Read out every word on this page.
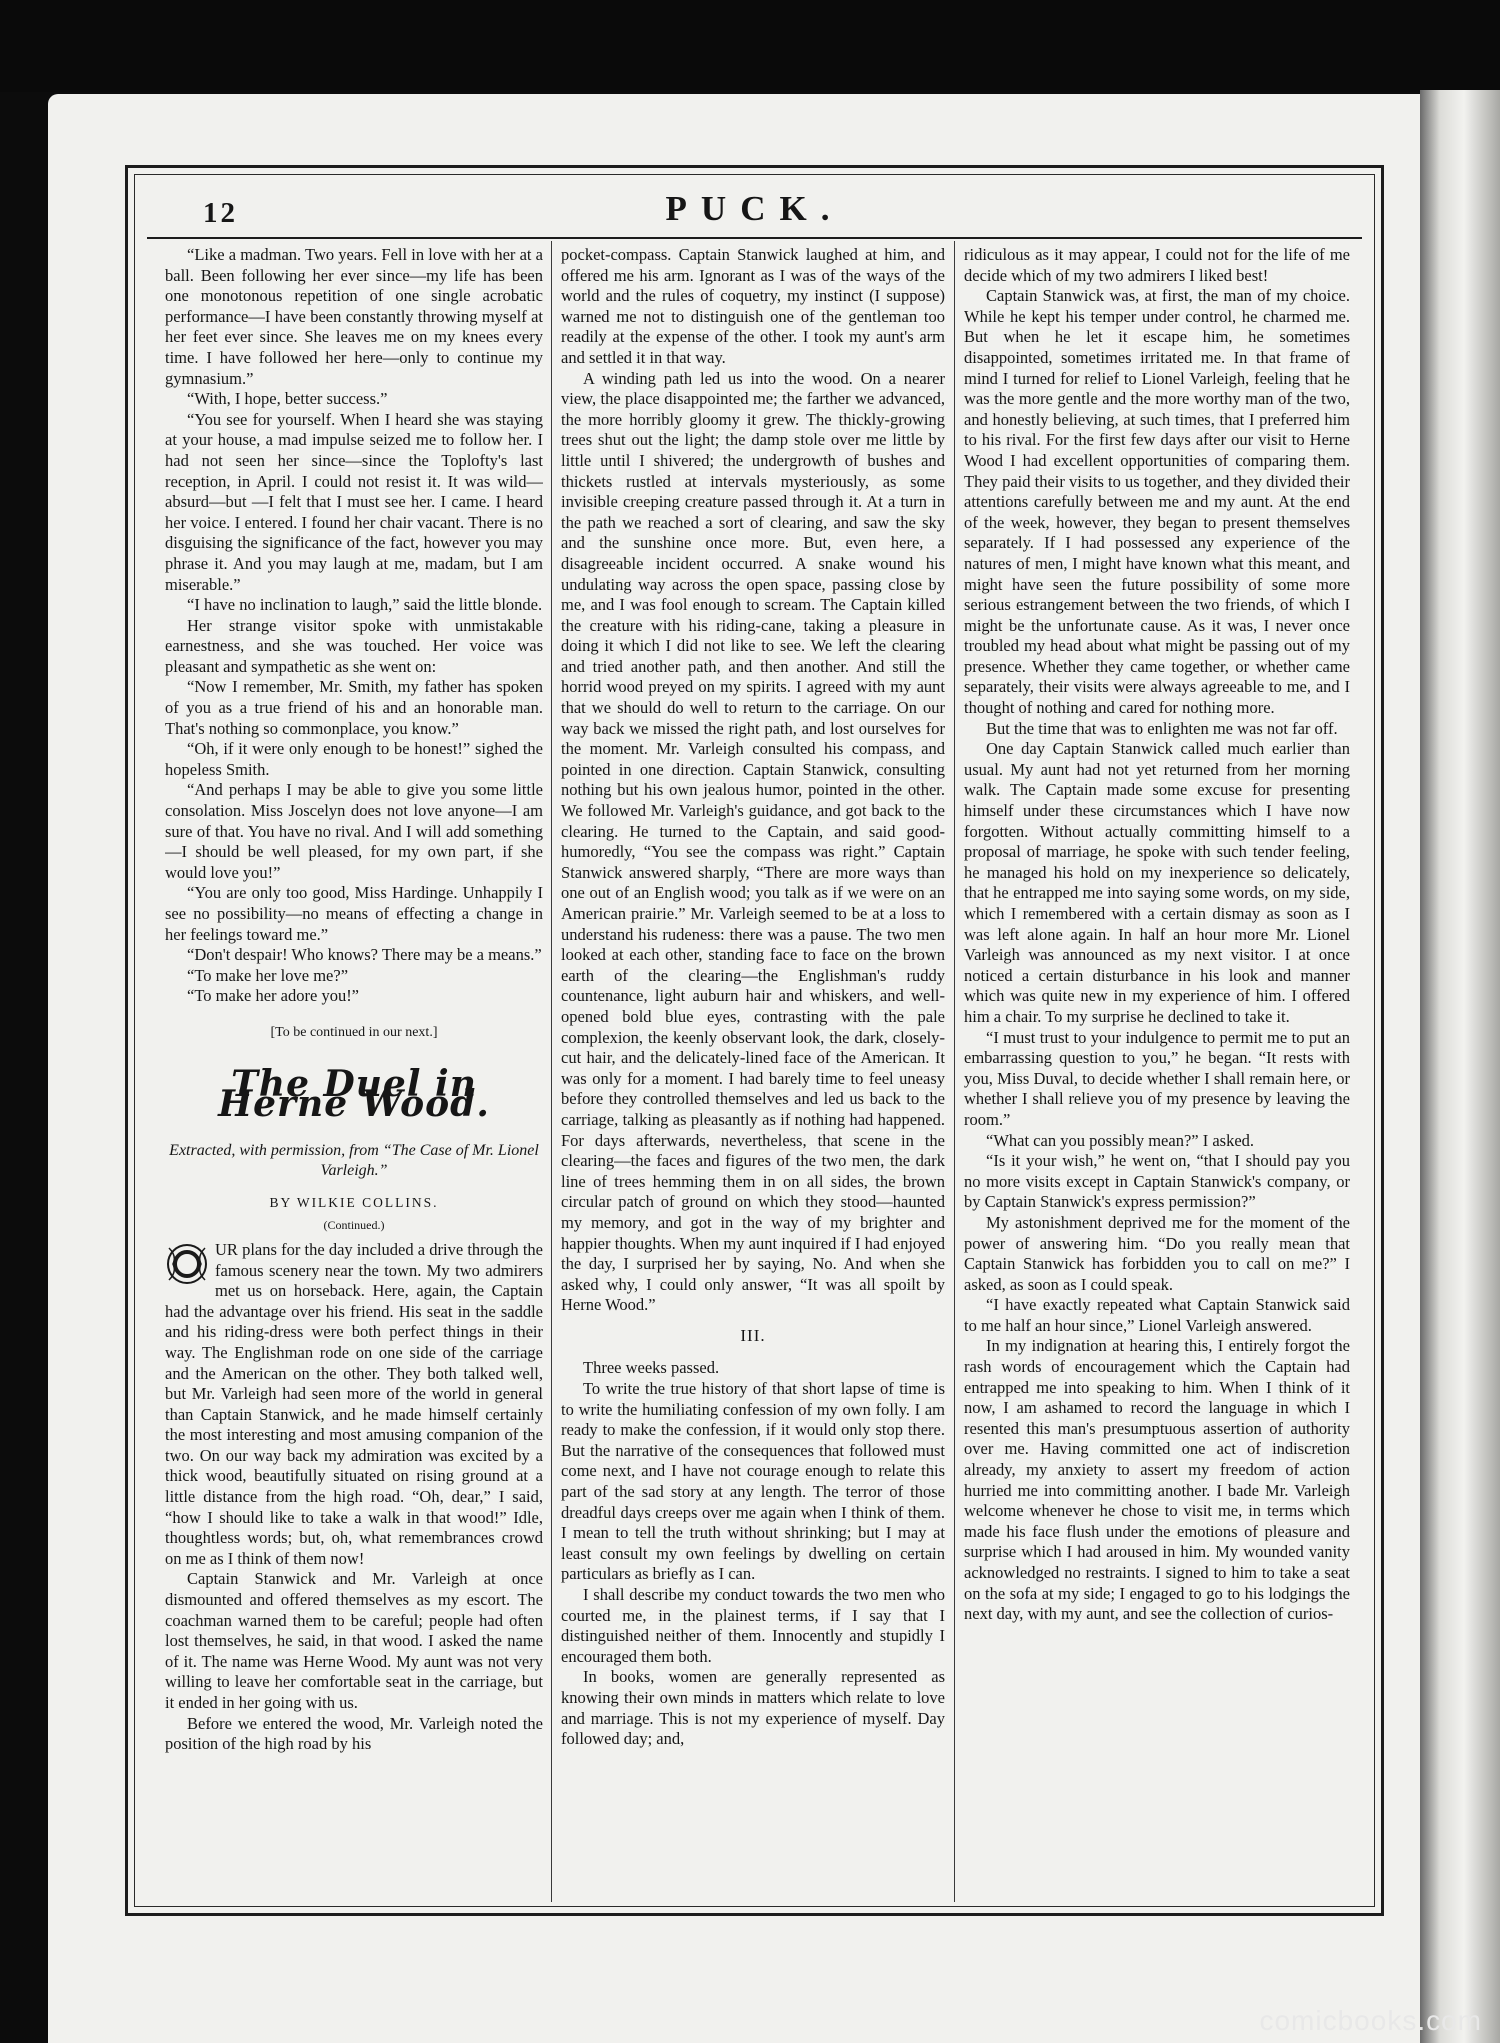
12	PUCK.

“Like a madman. Two years. Fell in love with her at a ball. Been following her ever since—my life has been one monotonous repetition of one single acrobatic performance—I have been constantly throwing myself at her feet ever since. She leaves me on my knees every time. I have followed her here—only to continue my gymnasium.”

“With, I hope, better success.”

“You see for yourself. When I heard she was staying at your house, a mad impulse seized me to follow her. I had not seen her since—since the Toplofty's last reception, in April. I could not resist it. It was wild—absurd—but —I felt that I must see her. I came. I heard her voice. I entered. I found her chair vacant. There is no disguising the significance of the fact, however you may phrase it. And you may laugh at me, madam, but I am miserable.”

“I have no inclination to laugh,” said the little blonde.

Her strange visitor spoke with unmistakable earnestness, and she was touched. Her voice was pleasant and sympathetic as she went on:

“Now I remember, Mr. Smith, my father has spoken of you as a true friend of his and an honorable man. That's nothing so commonplace, you know.”

“Oh, if it were only enough to be honest!” sighed the hopeless Smith.

“And perhaps I may be able to give you some little consolation. Miss Joscelyn does not love anyone—I am sure of that. You have no rival. And I will add something—I should be well pleased, for my own part, if she would love you!”

“You are only too good, Miss Hardinge. Unhappily I see no possibility—no means of effecting a change in her feelings toward me.”

“Don't despair! Who knows? There may be a means.”

“To make her love me?”

“To make her adore you!”

[To be continued in our next.]

The Duel in Herne Wood.

Extracted, with permission, from “The Case of Mr. Lionel Varleigh.”

BY WILKIE COLLINS.

(Continued.)

UR plans for the day included a drive through the famous scenery near the town. My two admirers met us on horseback. Here, again, the Captain had the advantage over his friend. His seat in the saddle and his riding-dress were both perfect things in their way. The Englishman rode on one side of the carriage and the American on the other. They both talked well, but Mr. Varleigh had seen more of the world in general than Captain Stanwick, and he made himself certainly the most interesting and most amusing companion of the two. On our way back my admiration was excited by a thick wood, beautifully situated on rising ground at a little distance from the high road. “Oh, dear,” I said, “how I should like to take a walk in that wood!” Idle, thoughtless words; but, oh, what remembrances crowd on me as I think of them now!

Captain Stanwick and Mr. Varleigh at once dismounted and offered themselves as my escort. The coachman warned them to be careful; people had often lost themselves, he said, in that wood. I asked the name of it. The name was Herne Wood. My aunt was not very willing to leave her comfortable seat in the carriage, but it ended in her going with us.

Before we entered the wood, Mr. Varleigh noted the position of the high road by his

pocket-compass. Captain Stanwick laughed at him, and offered me his arm. Ignorant as I was of the ways of the world and the rules of coquetry, my instinct (I suppose) warned me not to distinguish one of the gentleman too readily at the expense of the other. I took my aunt's arm and settled it in that way.

A winding path led us into the wood. On a nearer view, the place disappointed me; the farther we advanced, the more horribly gloomy it grew. The thickly-growing trees shut out the light; the damp stole over me little by little until I shivered; the undergrowth of bushes and thickets rustled at intervals mysteriously, as some invisible creeping creature passed through it. At a turn in the path we reached a sort of clearing, and saw the sky and the sunshine once more. But, even here, a disagreeable incident occurred. A snake wound his undulating way across the open space, passing close by me, and I was fool enough to scream. The Captain killed the creature with his riding-cane, taking a pleasure in doing it which I did not like to see. We left the clearing and tried another path, and then another. And still the horrid wood preyed on my spirits. I agreed with my aunt that we should do well to return to the carriage. On our way back we missed the right path, and lost ourselves for the moment. Mr. Varleigh consulted his compass, and pointed in one direction. Captain Stanwick, consulting nothing but his own jealous humor, pointed in the other. We followed Mr. Varleigh's guidance, and got back to the clearing. He turned to the Captain, and said good-humoredly, “You see the compass was right.” Captain Stanwick answered sharply, “There are more ways than one out of an English wood; you talk as if we were on an American prairie.” Mr. Varleigh seemed to be at a loss to understand his rudeness: there was a pause. The two men looked at each other, standing face to face on the brown earth of the clearing—the Englishman's ruddy countenance, light auburn hair and whiskers, and well-opened bold blue eyes, contrasting with the pale complexion, the keenly observant look, the dark, closely-cut hair, and the delicately-lined face of the American. It was only for a moment. I had barely time to feel uneasy before they controlled themselves and led us back to the carriage, talking as pleasantly as if nothing had happened. For days afterwards, nevertheless, that scene in the clearing—the faces and figures of the two men, the dark line of trees hemming them in on all sides, the brown circular patch of ground on which they stood—haunted my memory, and got in the way of my brighter and happier thoughts. When my aunt inquired if I had enjoyed the day, I surprised her by saying, No. And when she asked why, I could only answer, “It was all spoilt by Herne Wood.”

III.

Three weeks passed.

To write the true history of that short lapse of time is to write the humiliating confession of my own folly. I am ready to make the confession, if it would only stop there. But the narrative of the consequences that followed must come next, and I have not courage enough to relate this part of the sad story at any length. The terror of those dreadful days creeps over me again when I think of them. I mean to tell the truth without shrinking; but I may at least consult my own feelings by dwelling on certain particulars as briefly as I can.

I shall describe my conduct towards the two men who courted me, in the plainest terms, if I say that I distinguished neither of them. Innocently and stupidly I encouraged them both.

In books, women are generally represented as knowing their own minds in matters which relate to love and marriage. This is not my experience of myself. Day followed day; and,

ridiculous as it may appear, I could not for the life of me decide which of my two admirers I liked best!

Captain Stanwick was, at first, the man of my choice. While he kept his temper under control, he charmed me. But when he let it escape him, he sometimes disappointed, sometimes irritated me. In that frame of mind I turned for relief to Lionel Varleigh, feeling that he was the more gentle and the more worthy man of the two, and honestly believing, at such times, that I preferred him to his rival. For the first few days after our visit to Herne Wood I had excellent opportunities of comparing them. They paid their visits to us together, and they divided their attentions carefully between me and my aunt. At the end of the week, however, they began to present themselves separately. If I had possessed any experience of the natures of men, I might have known what this meant, and might have seen the future possibility of some more serious estrangement between the two friends, of which I might be the unfortunate cause. As it was, I never once troubled my head about what might be passing out of my presence. Whether they came together, or whether came separately, their visits were always agreeable to me, and I thought of nothing and cared for nothing more.

But the time that was to enlighten me was not far off.

One day Captain Stanwick called much earlier than usual. My aunt had not yet returned from her morning walk. The Captain made some excuse for presenting himself under these circumstances which I have now forgotten. Without actually committing himself to a proposal of marriage, he spoke with such tender feeling, he managed his hold on my inexperience so delicately, that he entrapped me into saying some words, on my side, which I remembered with a certain dismay as soon as I was left alone again. In half an hour more Mr. Lionel Varleigh was announced as my next visitor. I at once noticed a certain disturbance in his look and manner which was quite new in my experience of him. I offered him a chair. To my surprise he declined to take it.

“I must trust to your indulgence to permit me to put an embarrassing question to you,” he began. “It rests with you, Miss Duval, to decide whether I shall remain here, or whether I shall relieve you of my presence by leaving the room.”

“What can you possibly mean?” I asked.

“Is it your wish,” he went on, “that I should pay you no more visits except in Captain Stanwick's company, or by Captain Stanwick's express permission?”

My astonishment deprived me for the moment of the power of answering him. “Do you really mean that Captain Stanwick has forbidden you to call on me?” I asked, as soon as I could speak.

“I have exactly repeated what Captain Stanwick said to me half an hour since,” Lionel Varleigh answered.

In my indignation at hearing this, I entirely forgot the rash words of encouragement which the Captain had entrapped me into speaking to him. When I think of it now, I am ashamed to record the language in which I resented this man's presumptuous assertion of authority over me. Having committed one act of indiscretion already, my anxiety to assert my freedom of action hurried me into committing another. I bade Mr. Varleigh welcome whenever he chose to visit me, in terms which made his face flush under the emotions of pleasure and surprise which I had aroused in him. My wounded vanity acknowledged no restraints. I signed to him to take a seat on the sofa at my side; I engaged to go to his lodgings the next day, with my aunt, and see the collection of curios-

comicbooks.com
